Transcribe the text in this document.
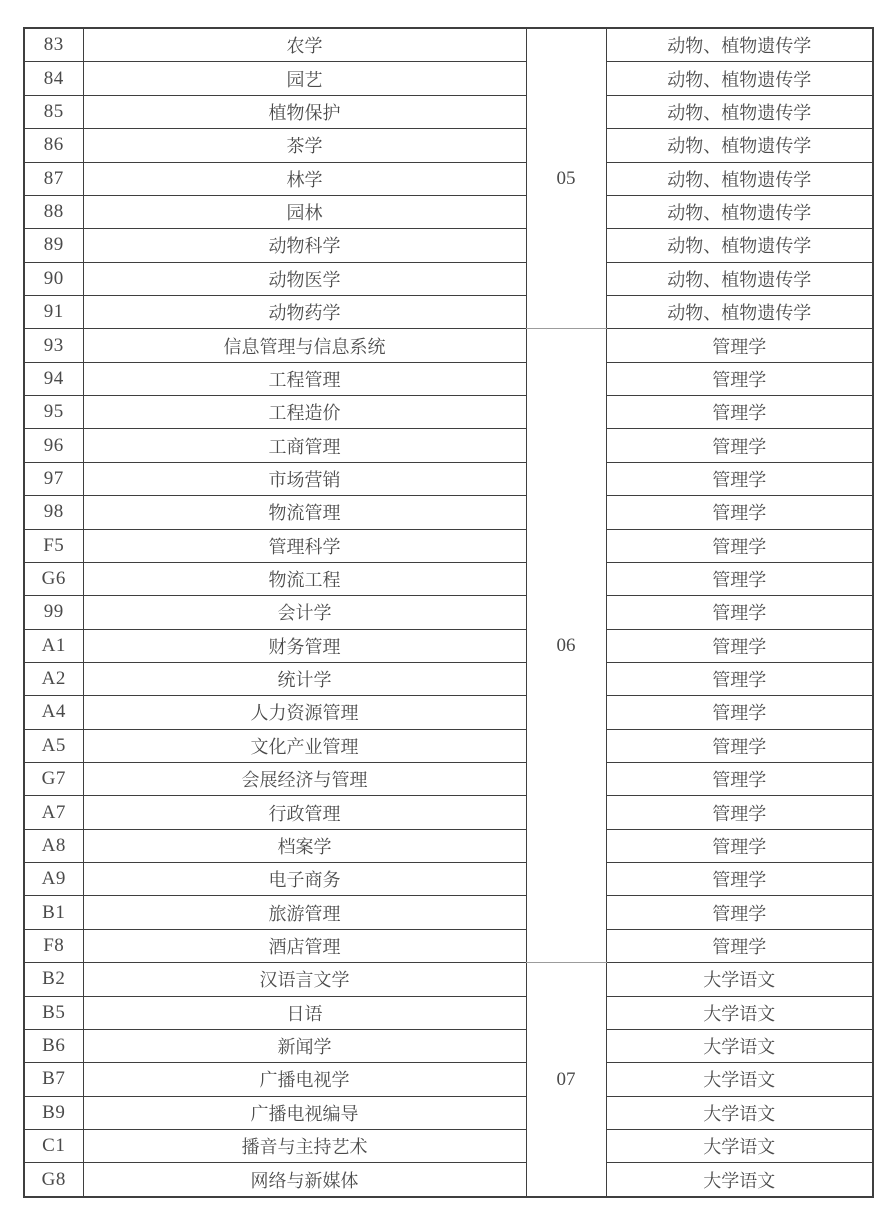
83	农学	05	动物、植物遗传学
84	园艺		动物、植物遗传学
85	植物保护		动物、植物遗传学
86	茶学		动物、植物遗传学
87	林学		动物、植物遗传学
88	园林		动物、植物遗传学
89	动物科学		动物、植物遗传学
90	动物医学		动物、植物遗传学
91	动物药学		动物、植物遗传学
93	信息管理与信息系统	06	管理学
94	工程管理		管理学
95	工程造价		管理学
96	工商管理		管理学
97	市场营销		管理学
98	物流管理		管理学
F5	管理科学		管理学
G6	物流工程		管理学
99	会计学		管理学
A1	财务管理		管理学
A2	统计学		管理学
A4	人力资源管理		管理学
A5	文化产业管理		管理学
G7	会展经济与管理		管理学
A7	行政管理		管理学
A8	档案学		管理学
A9	电子商务		管理学
B1	旅游管理		管理学
F8	酒店管理		管理学
B2	汉语言文学	07	大学语文
B5	日语		大学语文
B6	新闻学		大学语文
B7	广播电视学		大学语文
B9	广播电视编导		大学语文
C1	播音与主持艺术		大学语文
G8	网络与新媒体		大学语文
